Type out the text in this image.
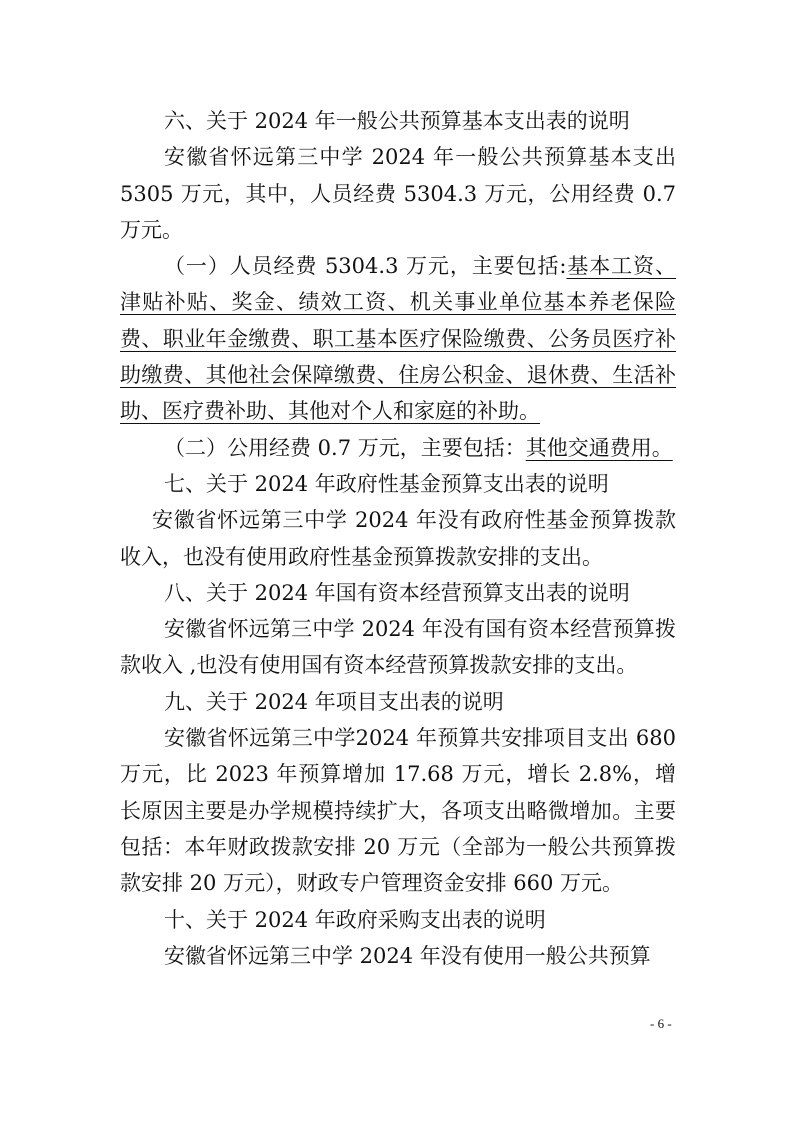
六、关于 2024 年一般公共预算基本支出表的说明

安徽省怀远第三中学 2024 年一般公共预算基本支出 5305 万元，其中，人员经费 5304.3 万元，公用经费 0.7 万元。

（一）人员经费 5304.3 万元，主要包括:基本工资、津贴补贴、奖金、绩效工资、机关事业单位基本养老保险费、职业年金缴费、职工基本医疗保险缴费、公务员医疗补助缴费、其他社会保障缴费、住房公积金、退休费、生活补助、医疗费补助、其他对个人和家庭的补助。

（二）公用经费 0.7 万元，主要包括：其他交通费用。

七、关于 2024 年政府性基金预算支出表的说明

安徽省怀远第三中学 2024 年没有政府性基金预算拨款收入，也没有使用政府性基金预算拨款安排的支出。

八、关于 2024 年国有资本经营预算支出表的说明

安徽省怀远第三中学 2024 年没有国有资本经营预算拨款收入 ,也没有使用国有资本经营预算拨款安排的支出。

九、关于 2024 年项目支出表的说明

安徽省怀远第三中学2024 年预算共安排项目支出 680 万元，比 2023 年预算增加 17.68 万元，增长 2.8%，增长原因主要是办学规模持续扩大，各项支出略微增加。主要包括：本年财政拨款安排 20 万元（全部为一般公共预算拨款安排 20 万元），财政专户管理资金安排 660 万元。

十、关于 2024 年政府采购支出表的说明

安徽省怀远第三中学 2024 年没有使用一般公共预算

- 6 -
